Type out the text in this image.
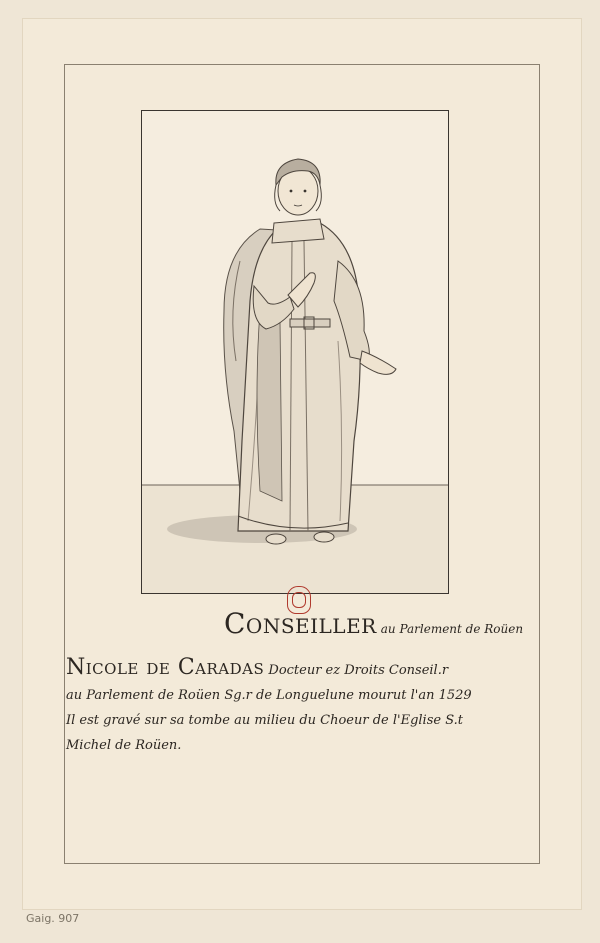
Conseiller au Parlement de Roüen
Nicole de Caradas Docteur ez Droits Conseil.r
au Parlement de Roüen Sg.r de Longuelune mourut l'an 1529
Il est gravé sur sa tombe au milieu du Choeur de l'Eglise S.t
Michel de Roüen.
Gaig. 907
